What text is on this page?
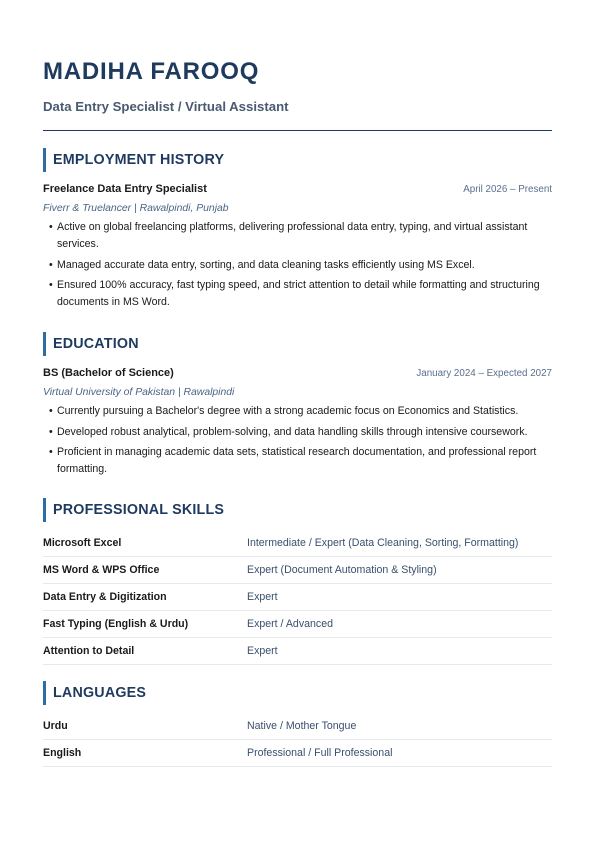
MADIHA FAROOQ
Data Entry Specialist / Virtual Assistant
EMPLOYMENT HISTORY
Freelance Data Entry Specialist	April 2026 – Present
Fiverr & Truelancer | Rawalpindi, Punjab
• Active on global freelancing platforms, delivering professional data entry, typing, and virtual assistant services.
• Managed accurate data entry, sorting, and data cleaning tasks efficiently using MS Excel.
• Ensured 100% accuracy, fast typing speed, and strict attention to detail while formatting and structuring documents in MS Word.
EDUCATION
BS (Bachelor of Science)	January 2024 – Expected 2027
Virtual University of Pakistan | Rawalpindi
• Currently pursuing a Bachelor's degree with a strong academic focus on Economics and Statistics.
• Developed robust analytical, problem-solving, and data handling skills through intensive coursework.
• Proficient in managing academic data sets, statistical research documentation, and professional report formatting.
PROFESSIONAL SKILLS
Microsoft Excel	Intermediate / Expert (Data Cleaning, Sorting, Formatting)
MS Word & WPS Office	Expert (Document Automation & Styling)
Data Entry & Digitization	Expert
Fast Typing (English & Urdu)	Expert / Advanced
Attention to Detail	Expert
LANGUAGES
Urdu	Native / Mother Tongue
English	Professional / Full Professional
